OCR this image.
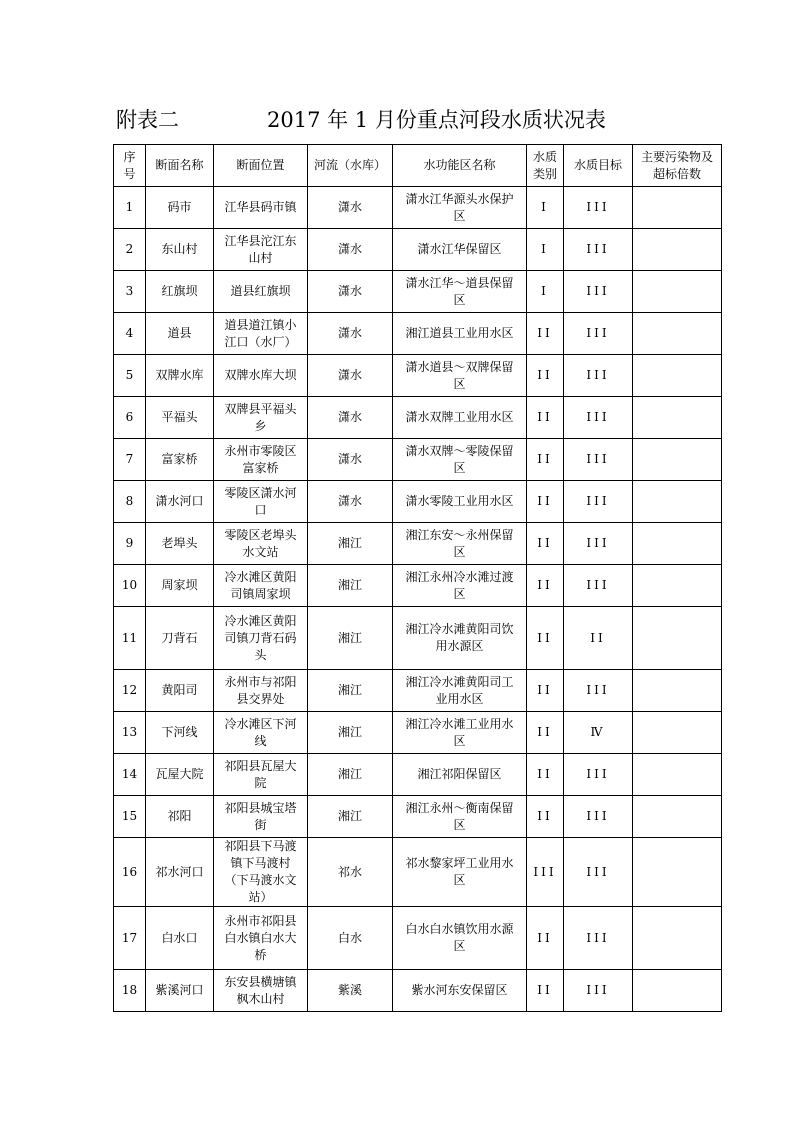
附表二	2017 年 1 月份重点河段水质状况表
序号	断面名称	断面位置	河流（水库）	水功能区名称	水质类别	水质目标	主要污染物及超标倍数
1	码市	江华县码市镇	潇水	潇水江华源头水保护区	I	III	
2	东山村	江华县沱江东山村	潇水	潇水江华保留区	I	III	
3	红旗坝	道县红旗坝	潇水	潇水江华～道县保留区	I	III	
4	道县	道县道江镇小江口（水厂）	潇水	湘江道县工业用水区	II	III	
5	双牌水库	双牌水库大坝	潇水	潇水道县～双牌保留区	II	III	
6	平福头	双牌县平福头乡	潇水	潇水双牌工业用水区	II	III	
7	富家桥	永州市零陵区富家桥	潇水	潇水双牌～零陵保留区	II	III	
8	潇水河口	零陵区潇水河口	潇水	潇水零陵工业用水区	II	III	
9	老埠头	零陵区老埠头水文站	湘江	湘江东安～永州保留区	II	III	
10	周家坝	冷水滩区黄阳司镇周家坝	湘江	湘江永州冷水滩过渡区	II	III	
11	刀背石	冷水滩区黄阳司镇刀背石码头	湘江	湘江冷水滩黄阳司饮用水源区	II	II	
12	黄阳司	永州市与祁阳县交界处	湘江	湘江冷水滩黄阳司工业用水区	II	III	
13	下河线	冷水滩区下河线	湘江	湘江冷水滩工业用水区	II	Ⅳ	
14	瓦屋大院	祁阳县瓦屋大院	湘江	湘江祁阳保留区	II	III	
15	祁阳	祁阳县城宝塔街	湘江	湘江永州～衡南保留区	II	III	
16	祁水河口	祁阳县下马渡镇下马渡村（下马渡水文站）	祁水	祁水黎家坪工业用水区	III	III	
17	白水口	永州市祁阳县白水镇白水大桥	白水	白水白水镇饮用水源区	II	III	
18	紫溪河口	东安县横塘镇枫木山村	紫溪	紫水河东安保留区	II	III	
